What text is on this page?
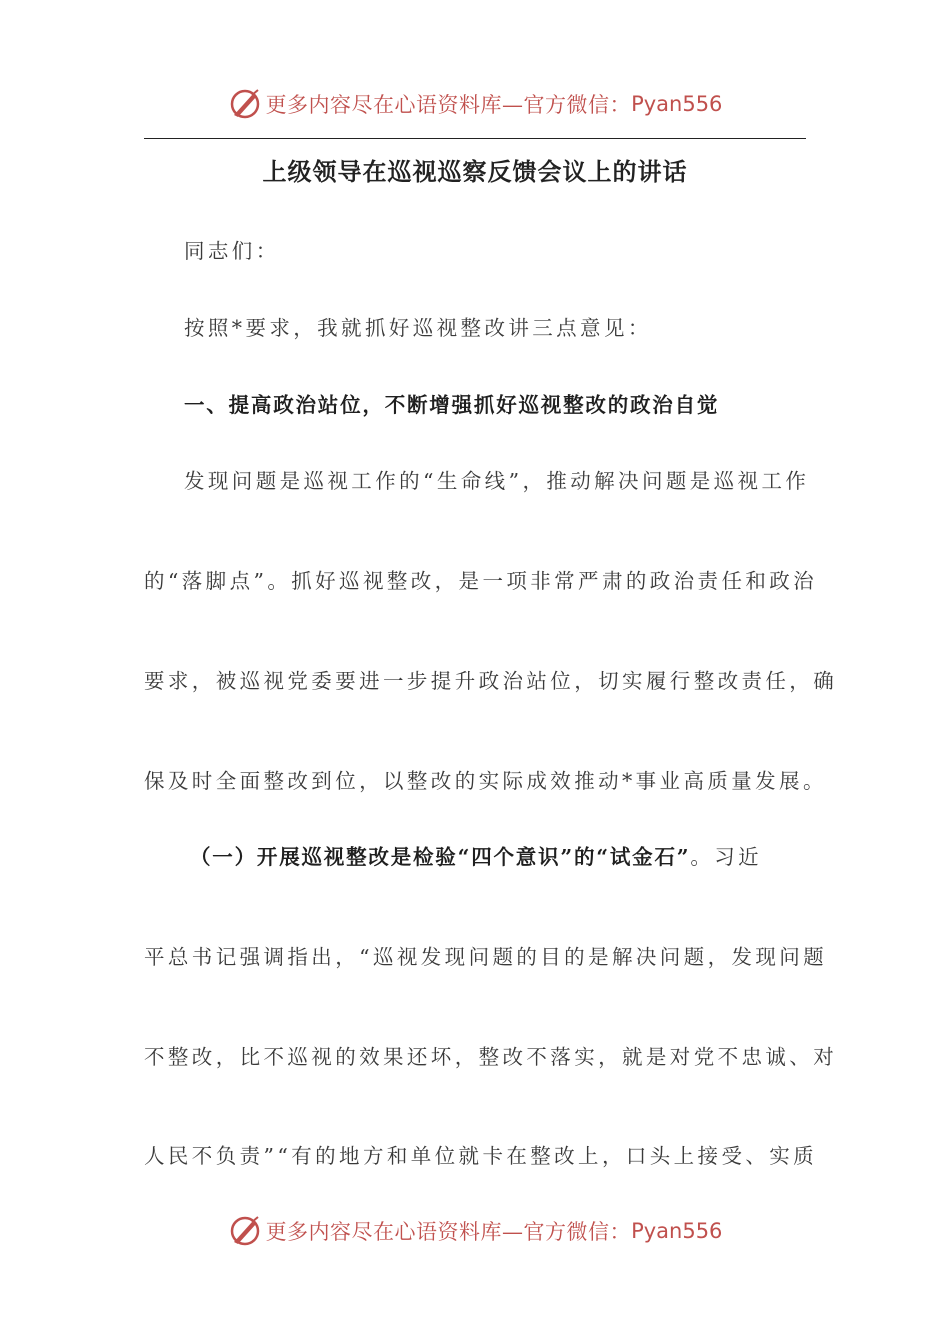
更多内容尽在心语资料库—官方微信： Pyan556
上级领导在巡视巡察反馈会议上的讲话
同志们：
按照*要求，我就抓好巡视整改讲三点意见：
一、提高政治站位，不断增强抓好巡视整改的政治自觉
发现问题是巡视工作的“生命线”，推动解决问题是巡视工作
的“落脚点”。抓好巡视整改，是一项非常严肃的政治责任和政治
要求，被巡视党委要进一步提升政治站位，切实履行整改责任，确
保及时全面整改到位，以整改的实际成效推动*事业高质量发展。
（一）开展巡视整改是检验“四个意识”的“试金石”。习近
平总书记强调指出，“巡视发现问题的目的是解决问题，发现问题
不整改，比不巡视的效果还坏，整改不落实，就是对党不忠诚、对
人民不负责”“有的地方和单位就卡在整改上，口头上接受、实质
更多内容尽在心语资料库—官方微信： Pyan556
